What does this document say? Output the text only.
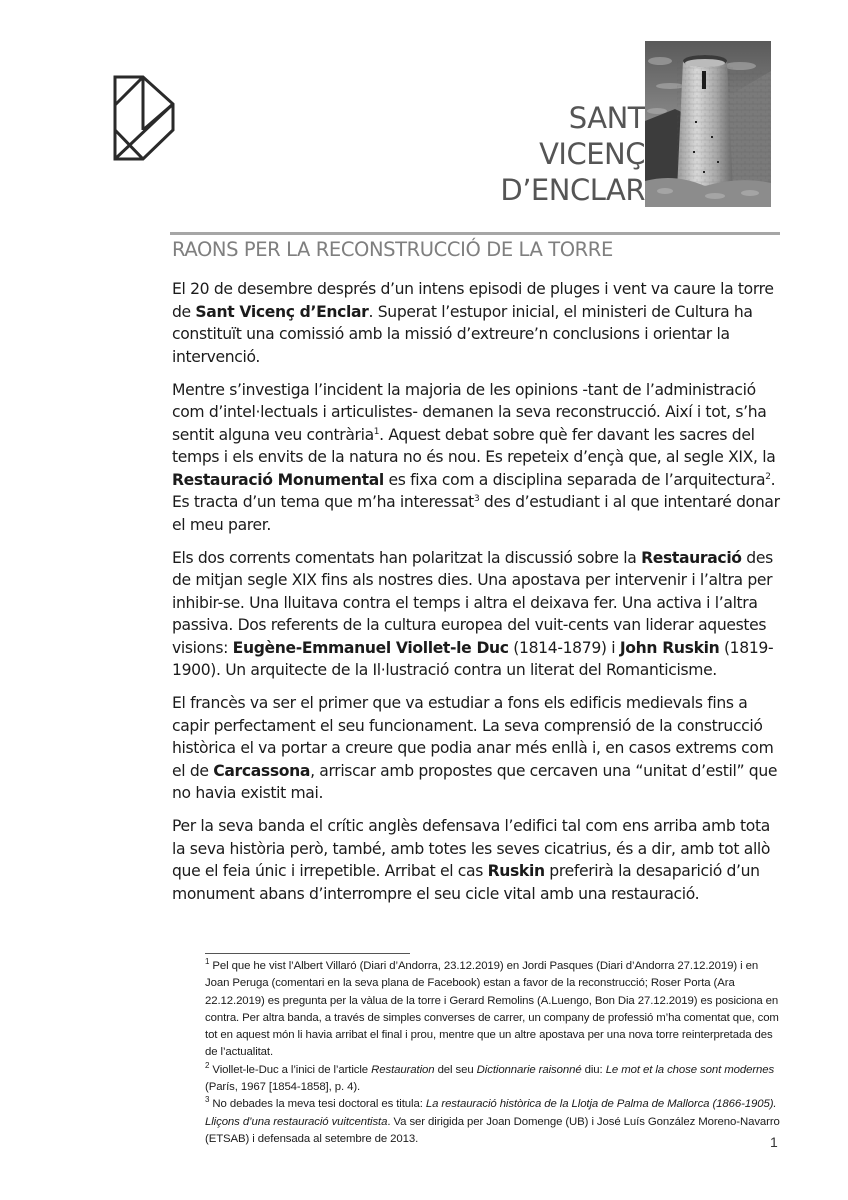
SANT
VICENÇ
D’ENCLAR
RAONS PER LA RECONSTRUCCIÓ DE LA TORRE

El 20 de desembre després d’un intens episodi de pluges i vent va caure la torre de Sant Vicenç d’Enclar. Superat l’estupor inicial, el ministeri de Cultura ha constituït una comissió amb la missió d’extreure’n conclusions i orientar la intervenció.

Mentre s’investiga l’incident la majoria de les opinions -tant de l’administració com d’intel·lectuals i articulistes- demanen la seva reconstrucció. Així i tot, s’ha sentit alguna veu contrària$^1$. Aquest debat sobre què fer davant les sacres del temps i els envits de la natura no és nou. Es repeteix d’ençà que, al segle XIX, la Restauració Monumental es fixa com a disciplina separada de l’arquitectura$^2$. Es tracta d’un tema que m’ha interessat$^3$ des d’estudiant i al que intentaré donar el meu parer.

Els dos corrents comentats han polaritzat la discussió sobre la Restauració des de mitjan segle XIX fins als nostres dies. Una apostava per intervenir i l’altra per inhibir-se. Una lluitava contra el temps i altra el deixava fer. Una activa i l’altra passiva. Dos referents de la cultura europea del vuit-cents van liderar aquestes visions: Eugène-Emmanuel Viollet-le Duc (1814-1879) i John Ruskin (1819-1900). Un arquitecte de la Il·lustració contra un literat del Romanticisme.

El francès va ser el primer que va estudiar a fons els edificis medievals fins a capir perfectament el seu funcionament. La seva comprensió de la construcció històrica el va portar a creure que podia anar més enllà i, en casos extrems com el de Carcassona, arriscar amb propostes que cercaven una “unitat d’estil” que no havia existit mai.

Per la seva banda el crític anglès defensava l’edifici tal com ens arriba amb tota la seva història però, també, amb totes les seves cicatrius, és a dir, amb tot allò que el feia únic i irrepetible. Arribat el cas Ruskin preferirà la desaparició d’un monument abans d’interrompre el seu cicle vital amb una restauració.

$^1$ Pel que he vist l’Albert Villaró (Diari d’Andorra, 23.12.2019) en Jordi Pasques (Diari d’Andorra 27.12.2019) i en Joan Peruga (comentari en la seva plana de Facebook) estan a favor de la reconstrucció; Roser Porta (Ara 22.12.2019) es pregunta per la vàlua de la torre i Gerard Remolins (A.Luengo, Bon Dia 27.12.2019) es posiciona en contra. Per altra banda, a través de simples converses de carrer, un company de professió m’ha comentat que, com tot en aquest món li havia arribat el final i prou, mentre que un altre apostava per una nova torre reinterpretada des de l’actualitat.

$^2$ Viollet-le-Duc a l’inici de l’article Restauration del seu Dictionnarie raisonné diu: Le mot et la chose sont modernes (París, 1967 [1854-1858], p. 4).

$^3$ No debades la meva tesi doctoral es titula: La restauració històrica de la Llotja de Palma de Mallorca (1866-1905). Lliçons d’una restauració vuitcentista. Va ser dirigida per Joan Domenge (UB) i José Luís González Moreno-Navarro (ETSAB) i defensada al setembre de 2013.	1
